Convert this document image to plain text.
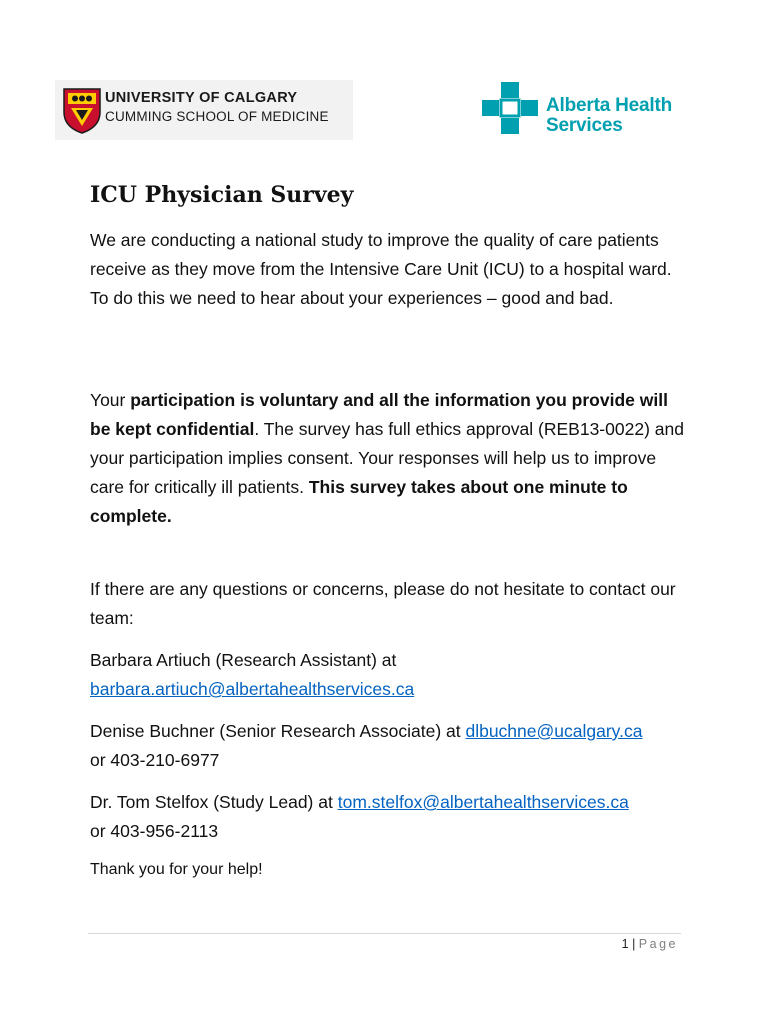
UNIVERSITY OF CALGARY
CUMMING SCHOOL OF MEDICINE
Alberta Health
Services
ICU Physician Survey

We are conducting a national study to improve the quality of care patients receive as they move from the Intensive Care Unit (ICU) to a hospital ward. To do this we need to hear about your experiences – good and bad.

Your participation is voluntary and all the information you provide will be kept confidential. The survey has full ethics approval (REB13-0022) and your participation implies consent. Your responses will help us to improve care for critically ill patients. This survey takes about one minute to complete.

If there are any questions or concerns, please do not hesitate to contact our team:

Barbara Artiuch (Research Assistant) at
barbara.artiuch@albertahealthservices.ca

Denise Buchner (Senior Research Associate) at dlbuchne@ucalgary.ca
or 403-210-6977

Dr. Tom Stelfox (Study Lead) at tom.stelfox@albertahealthservices.ca
or 403-956-2113

Thank you for your help!

1 | Page
